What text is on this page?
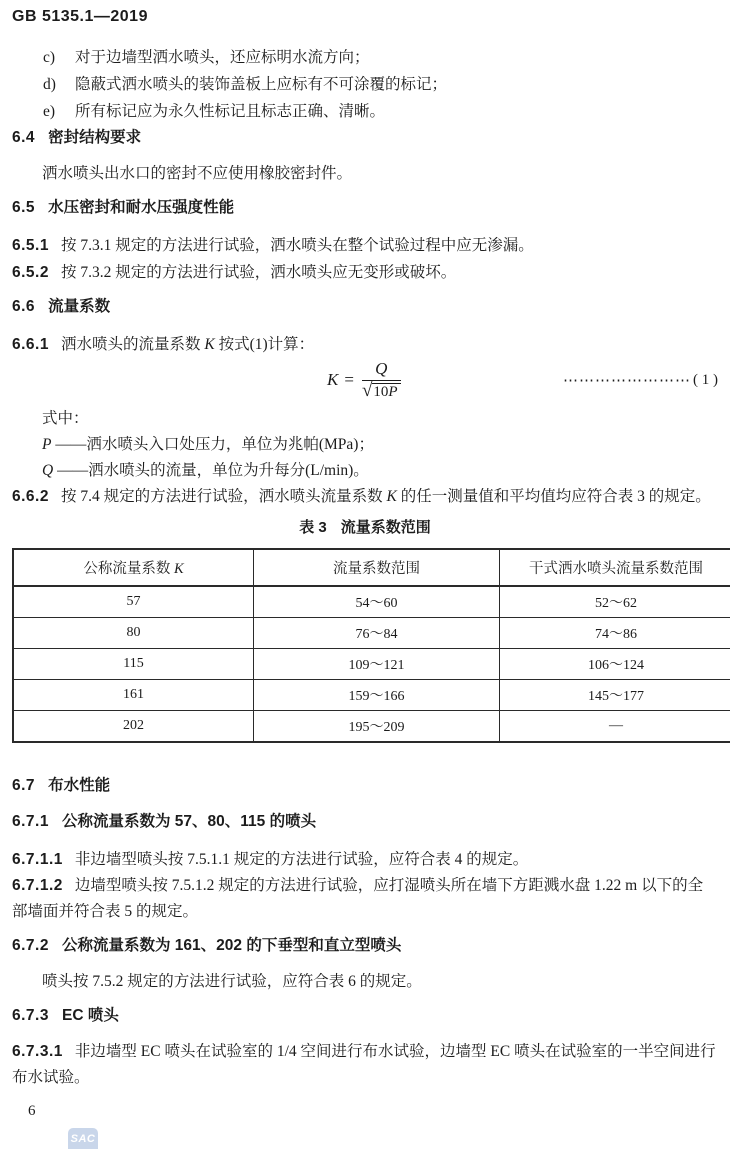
GB 5135.1—2019
c)	对于边墙型洒水喷头，还应标明水流方向；
d)	隐蔽式洒水喷头的装饰盖板上应标有不可涂覆的标记；
e)	所有标记应为永久性标记且标志正确、清晰。
6.4 密封结构要求
洒水喷头出水口的密封不应使用橡胶密封件。
6.5 水压密封和耐水压强度性能
6.5.1 按 7.3.1 规定的方法进行试验，洒水喷头在整个试验过程中应无渗漏。
6.5.2 按 7.3.2 规定的方法进行试验，洒水喷头应无变形或破坏。
6.6 流量系数
6.6.1 洒水喷头的流量系数 K 按式(1)计算：
$K = \frac{Q}{√ 10P}$	⋯⋯⋯⋯⋯⋯⋯⋯ ( 1 )
式中：
P ——洒水喷头入口处压力，单位为兆帕(MPa)；
Q ——洒水喷头的流量，单位为升每分(L/min)。
6.6.2 按 7.4 规定的方法进行试验，洒水喷头流量系数 K 的任一测量值和平均值均应符合表 3 的规定。
表 3 流量系数范围
公称流量系数 K	流量系数范围	干式洒水喷头流量系数范围
57	54～60	52～62
80	76～84	74～86
115	109～121	106～124
161	159～166	145～177
202	195～209	—
6.7 布水性能
6.7.1 公称流量系数为 57、80、115 的喷头
6.7.1.1 非边墙型喷头按 7.5.1.1 规定的方法进行试验，应符合表 4 的规定。
6.7.1.2 边墙型喷头按 7.5.1.2 规定的方法进行试验，应打湿喷头所在墙下方距溅水盘 1.22 m 以下的全部墙面并符合表 5 的规定。
6.7.2 公称流量系数为 161、202 的下垂型和直立型喷头
喷头按 7.5.2 规定的方法进行试验，应符合表 6 的规定。
6.7.3 EC 喷头
6.7.3.1 非边墙型 EC 喷头在试验室的 1/4 空间进行布水试验，边墙型 EC 喷头在试验室的一半空间进行布水试验。
6
SAC
